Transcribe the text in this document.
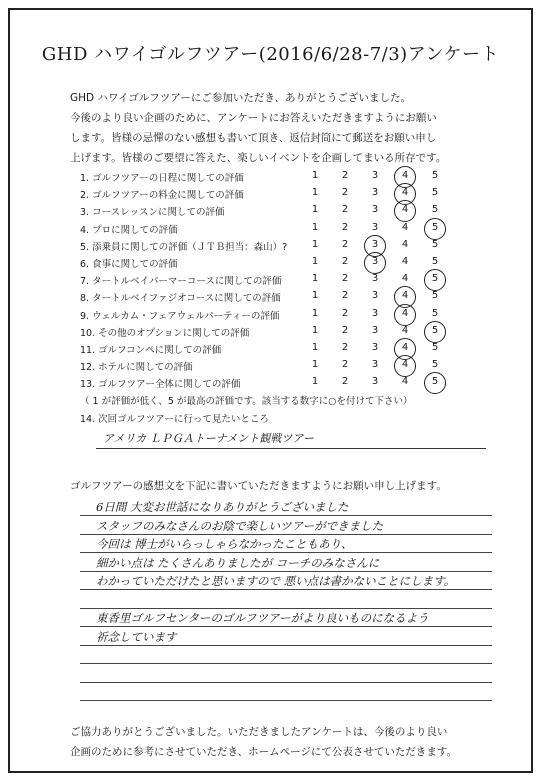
GHD ハワイゴルフツアー(2016/6/28-7/3)アンケート
GHD ハワイゴルフツアーにご参加いただき、ありがとうございました。
今後のより良い企画のために、アンケートにお答えいただきますようにお願い
します。皆様の忌憚のない感想も書いて頂き、返信封筒にて郵送をお願い申し
上げます。皆様のご要望に答えた、楽しいイベントを企画してまいる所存です。
1. ゴルフツアーの日程に関しての評価	1	2	3	4	5
2. ゴルフツアーの料金に関しての評価	1	2	3	4	5
3. コースレッスンに関しての評価	1	2	3	4	5
4. プロに関しての評価	1	2	3	4	5
5. 添乗員に関しての評価（ＪＴＢ担当：森山）?	1	2	3	4	5
6. 食事に関しての評価	1	2	3	4	5
7. タートルベイパーマーコースに関しての評価	1	2	3	4	5
8. タートルベイファジオコースに関しての評価	1	2	3	4	5
9. ウェルカム・フェアウェルパーティーの評価	1	2	3	4	5
10. その他のオプションに関しての評価	1	2	3	4	5
11. ゴルフコンペに関しての評価	1	2	3	4	5
12. ホテルに関しての評価	1	2	3	4	5
13. ゴルフツアー全体に関しての評価	1	2	3	4	5
（ 1 が評価が低く、5 が最高の評価です。該当する数字に○を付けて下さい）
14. 次回ゴルフツアーに行って見たいところ
アメリカ ＬＰＧＡトーナメント観戦ツアー
ゴルフツアーの感想文を下記に書いていただきますようにお願い申し上げます。
6日間 大変お世話になりありがとうございました
スタッフのみなさんのお陰で楽しいツアーができました
今回は 博士がいらっしゃらなかったこともあり、
細かい点は たくさんありましたが コーチのみなさんに
わかっていただけたと思いますので 悪い点は書かないことにします。
東香里ゴルフセンターのゴルフツアーがより良いものになるよう
祈念しています
ご協力ありがとうございました。いただきましたアンケートは、今後のより良い
企画のために参考にさせていただき、ホームページにて公表させていただきます。
